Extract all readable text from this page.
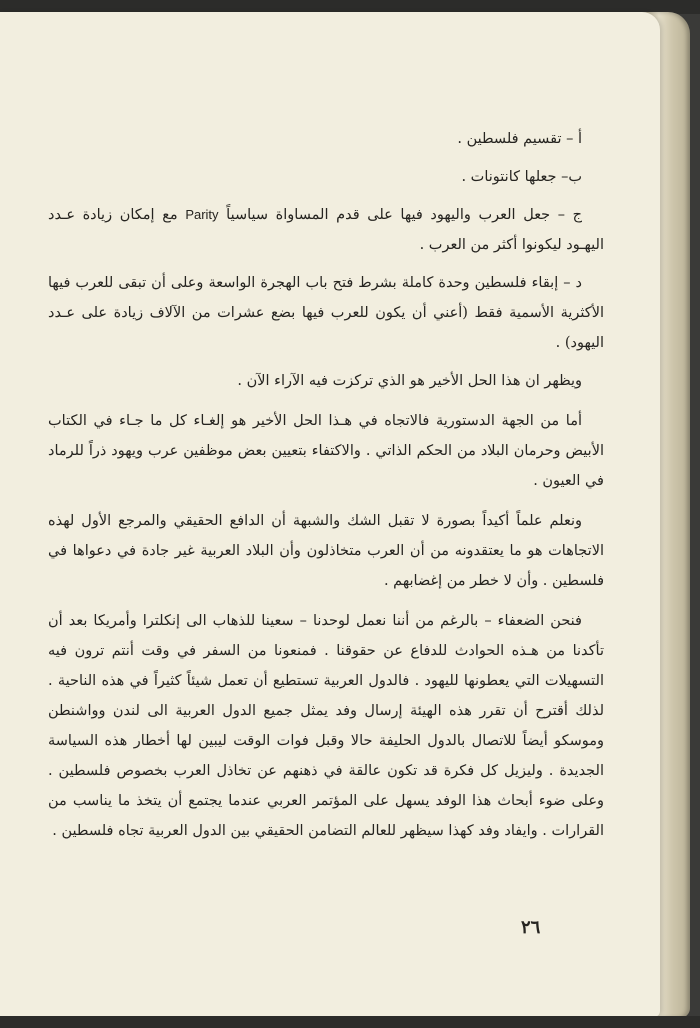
أ – تقسيم فلسطين .

ب– جعلها كانتونات .

ج – جعل العرب واليهود فيها على قدم المساواة سياسياً Parity مع إمكان زيادة عـدد اليهـود ليكونوا أكثر من العرب .

د – إبقاء فلسطين وحدة كاملة بشرط فتح باب الهجرة الواسعة وعلى أن تبقى للعرب فيها الأكثرية الأسمية فقط (أعني أن يكون للعرب فيها بضع عشرات من الآلاف زيادة على عـدد اليهود) .

ويظهر ان هذا الحل الأخير هو الذي تركزت فيه الآراء الآن .

أما من الجهة الدستورية فالاتجاه في هـذا الحل الأخير هو إلغـاء كل ما جـاء في الكتاب الأبيض وحرمان البلاد من الحكم الذاتي . والاكتفاء بتعيين بعض موظفين عرب ويهود ذراً للرماد في العيون .

ونعلم علماً أكيداً بصورة لا تقبل الشك والشبهة أن الدافع الحقيقي والمرجع الأول لهذه الاتجاهات هو ما يعتقدونه من أن العرب متخاذلون وأن البلاد العربية غير جادة في دعواها في فلسطين . وأن لا خطر من إغضابهم .

فنحن الضعفاء – بالرغم من أننا نعمل لوحدنا – سعينا للذهاب الى إنكلترا وأمريكا بعد أن تأكدنا من هـذه الحوادث للدفاع عن حقوقنا . فمنعونا من السفر في وقت أنتم ترون فيه التسهيلات التي يعطونها لليهود . فالدول العربية تستطيع أن تعمل شيئاً كثيراً في هذه الناحية . لذلك أقترح أن تقرر هذه الهيئة إرسال وفد يمثل جميع الدول العربية الى لندن وواشنطن وموسكو أيضاً للاتصال بالدول الحليفة حالا وقبل فوات الوقت ليبين لها أخطار هذه السياسة الجديدة . وليزيل كل فكرة قد تكون عالقة في ذهنهم عن تخاذل العرب بخصوص فلسطين . وعلى ضوء أبحاث هذا الوفد يسهل على المؤتمر العربي عندما يجتمع أن يتخذ ما يناسب من القرارات . وايفاد وفد كهذا سيظهر للعالم التضامن الحقيقي بين الدول العربية تجاه فلسطين .

٢٦
